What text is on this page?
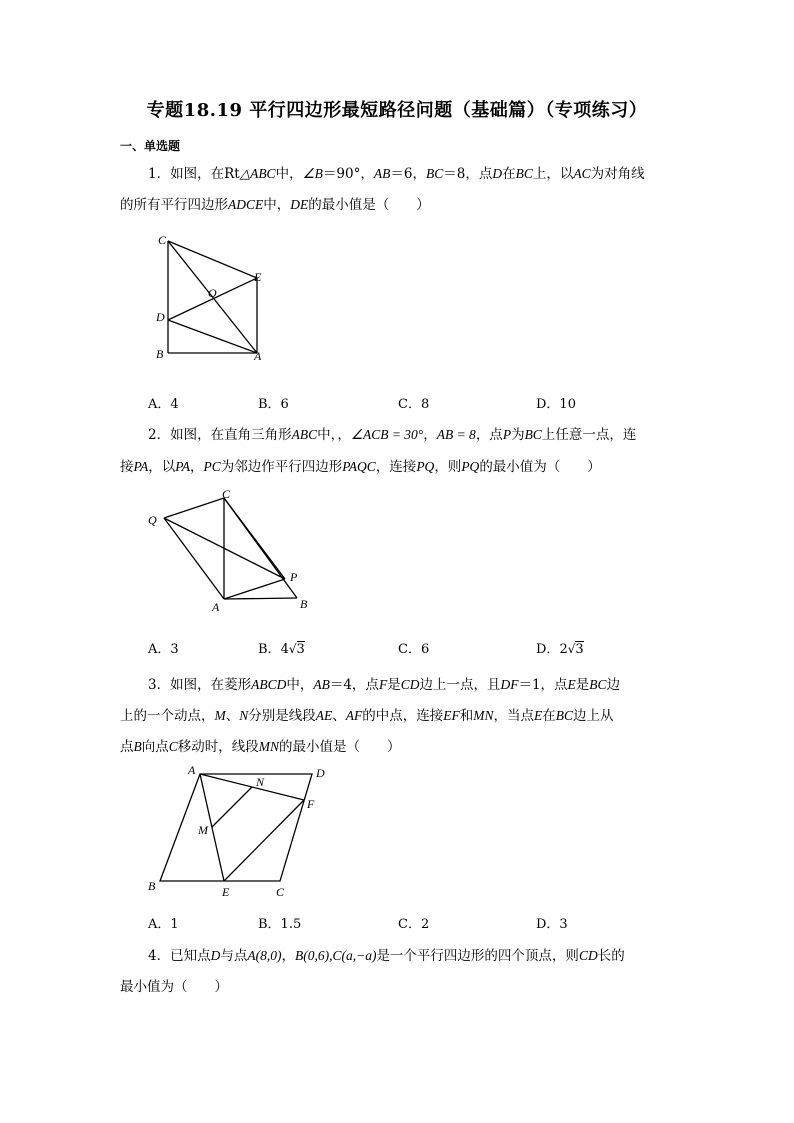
专题18.19 平行四边形最短路径问题（基础篇）（专项练习）
一、单选题
1．如图，在Rt△ABC中，∠B＝90°，AB＝6，BC＝8，点D在BC上，以AC为对角线
的所有平行四边形ADCE中，DE的最小值是（　　）
C
E
O
D
B	A
A．4	B．6	C．8	D．10
2．如图，在直角三角形ABC中，，∠ACB = 30°，AB = 8，点P为BC上任意一点，连
接PA，以PA，PC为邻边作平行四边形PAQC，连接PQ，则PQ的最小值为（　　）
C
Q
P
A	B
A．3	B．4√3	C．6	D．2√3
3．如图，在菱形ABCD中，AB＝4，点F是CD边上一点，且DF＝1，点E是BC边
上的一个动点，M、N分别是线段AE、AF的中点，连接EF和MN，当点E在BC边上从
点B向点C移动时，线段MN的最小值是（　　）
A
N
D
F
M
B	E	C
A．1	B．1.5	C．2	D．3
4．已知点D与点A(8,0)，B(0,6),C(a,−a)是一个平行四边形的四个顶点，则CD长的
最小值为（　　）
